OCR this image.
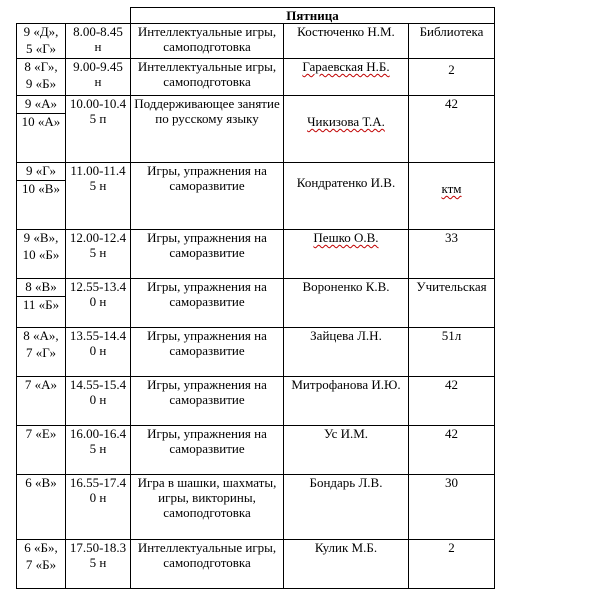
		Пятница		

9 «Д»,
5 «Г»	8.00-8.45 н	Интеллектуальные игры, самоподготовка	Костюченко Н.М.	Библиотека

8 «Г»,
9 «Б»	9.00-9.45 н	Интеллектуальные игры, самоподготовка	Гараевская Н.Б.	2

9 «А»
10 «А»	10.00-10.45 п	Поддерживающее занятие по русскому языку	Чикизова Т.А.	42

9 «Г»
10 «В»	11.00-11.45 н	Игры, упражнения на саморазвитие	Кондратенко И.В.	ктм

9 «В»,
10 «Б»	12.00-12.45 н	Игры, упражнения на саморазвитие	Пешко О.В.	33

8 «В»
11 «Б»	12.55-13.40 н	Игры, упражнения на саморазвитие	Вороненко К.В.	Учительская

8 «А»,
7 «Г»	13.55-14.40 н	Игры, упражнения на саморазвитие	Зайцева Л.Н.	51л

7 «А»	14.55-15.40 н	Игры, упражнения на саморазвитие	Митрофанова И.Ю.	42

7 «Е»	16.00-16.45 н	Игры, упражнения на саморазвитие	Ус И.М.	42

6 «В»	16.55-17.40 н	Игра в шашки, шахматы, игры, викторины, самоподготовка	Бондарь Л.В.	30

6 «Б»,
7 «Б»	17.50-18.35 н	Интеллектуальные игры, самоподготовка	Кулик М.Б.	2
